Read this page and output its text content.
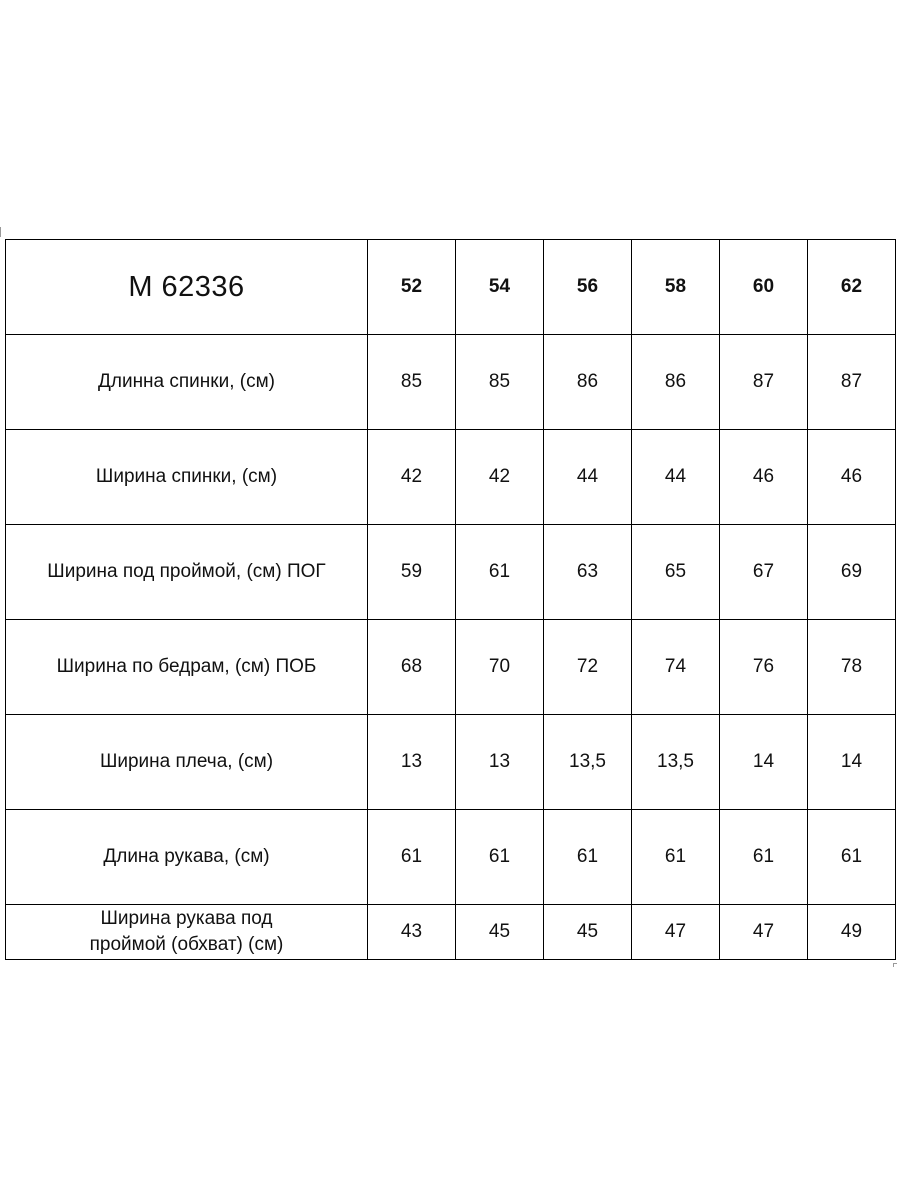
М 62336	52	54	56	58	60	62
Длинна спинки, (см)	85	85	86	86	87	87
Ширина спинки, (см)	42	42	44	44	46	46
Ширина под проймой, (см) ПОГ	59	61	63	65	67	69
Ширина по бедрам, (см) ПОБ	68	70	72	74	76	78
Ширина плеча, (см)	13	13	13,5	13,5	14	14
Длина рукава, (см)	61	61	61	61	61	61

Ширина рукава под
проймой (обхват) (см)	43	45	45	47	47	49
